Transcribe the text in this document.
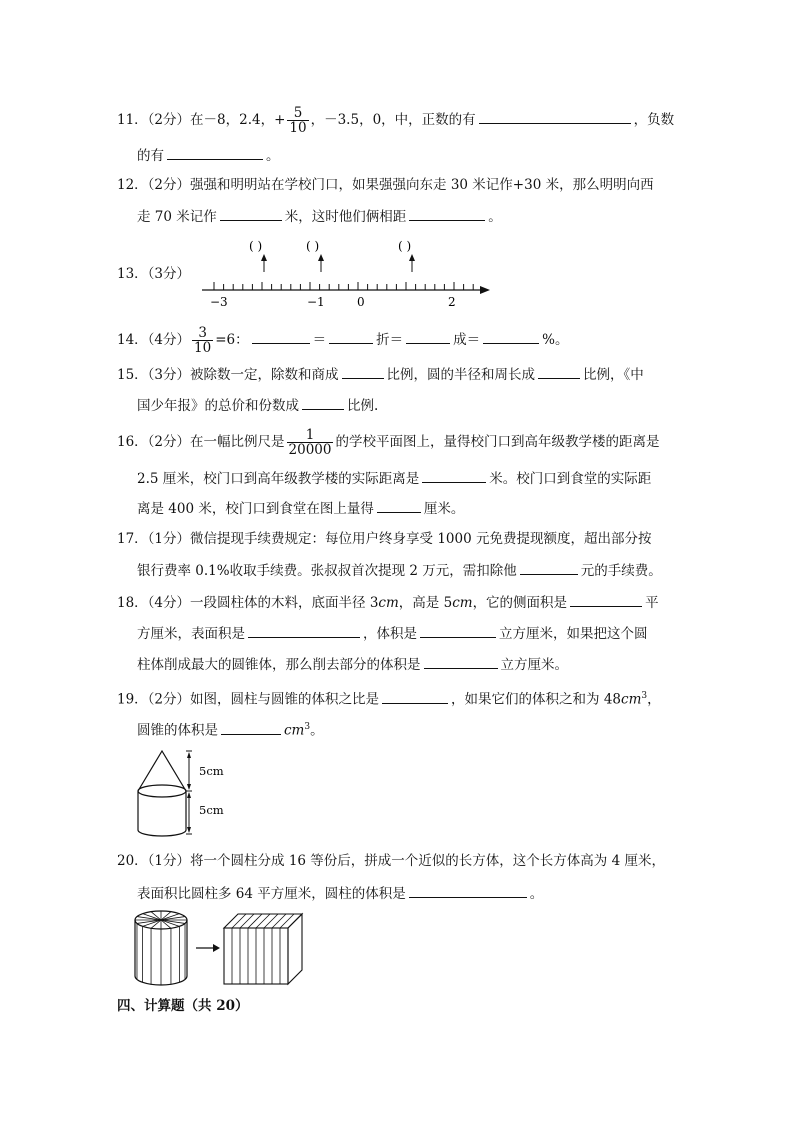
11．（2分）在－8，2.4，+ $\frac{5}{10}$ ，－3.5，0，中，正数的有	，负数
的有	。
12．（2分）强强和明明站在学校门口，如果强强向东走 30 米记作+30 米，那么明明向西
走 70 米记作	米，这时他们俩相距	。
13．（3分）
( )	( )	( )
−3	−1	0	2
14．（4分） $\frac{3}{10} =6$：	＝	折＝	成＝	%。
15．（3分）被除数一定，除数和商成	比例，圆的半径和周长成	比例，《中
国少年报》的总价和份数成	比例.
16．（2分）在一幅比例尺是 $\frac{1}{20000}$ 的学校平面图上，量得校门口到高年级教学楼的距离是
2.5 厘米，校门口到高年级教学楼的实际距离是	米。校门口到食堂的实际距
离是 400 米，校门口到食堂在图上量得	厘米。
17．（1分）微信提现手续费规定：每位用户终身享受 1000 元免费提现额度，超出部分按
银行费率 0.1%收取手续费。张叔叔首次提现 2 万元，需扣除他	元的手续费。
18．（4分）一段圆柱体的木料，底面半径 3cm，高是 5cm，它的侧面积是	平
方厘米，表面积是	，体积是	立方厘米，如果把这个圆
柱体削成最大的圆锥体，那么削去部分的体积是	立方厘米。
19．（2分）如图，圆柱与圆锥的体积之比是	，如果它们的体积之和为 $48cm^3$，
圆锥的体积是	$cm^3$。
5cm
5cm
20．（1分）将一个圆柱分成 16 等份后，拼成一个近似的长方体，这个长方体高为 4 厘米，
表面积比圆柱多 64 平方厘米，圆柱的体积是	。
四、计算题（共 20）
